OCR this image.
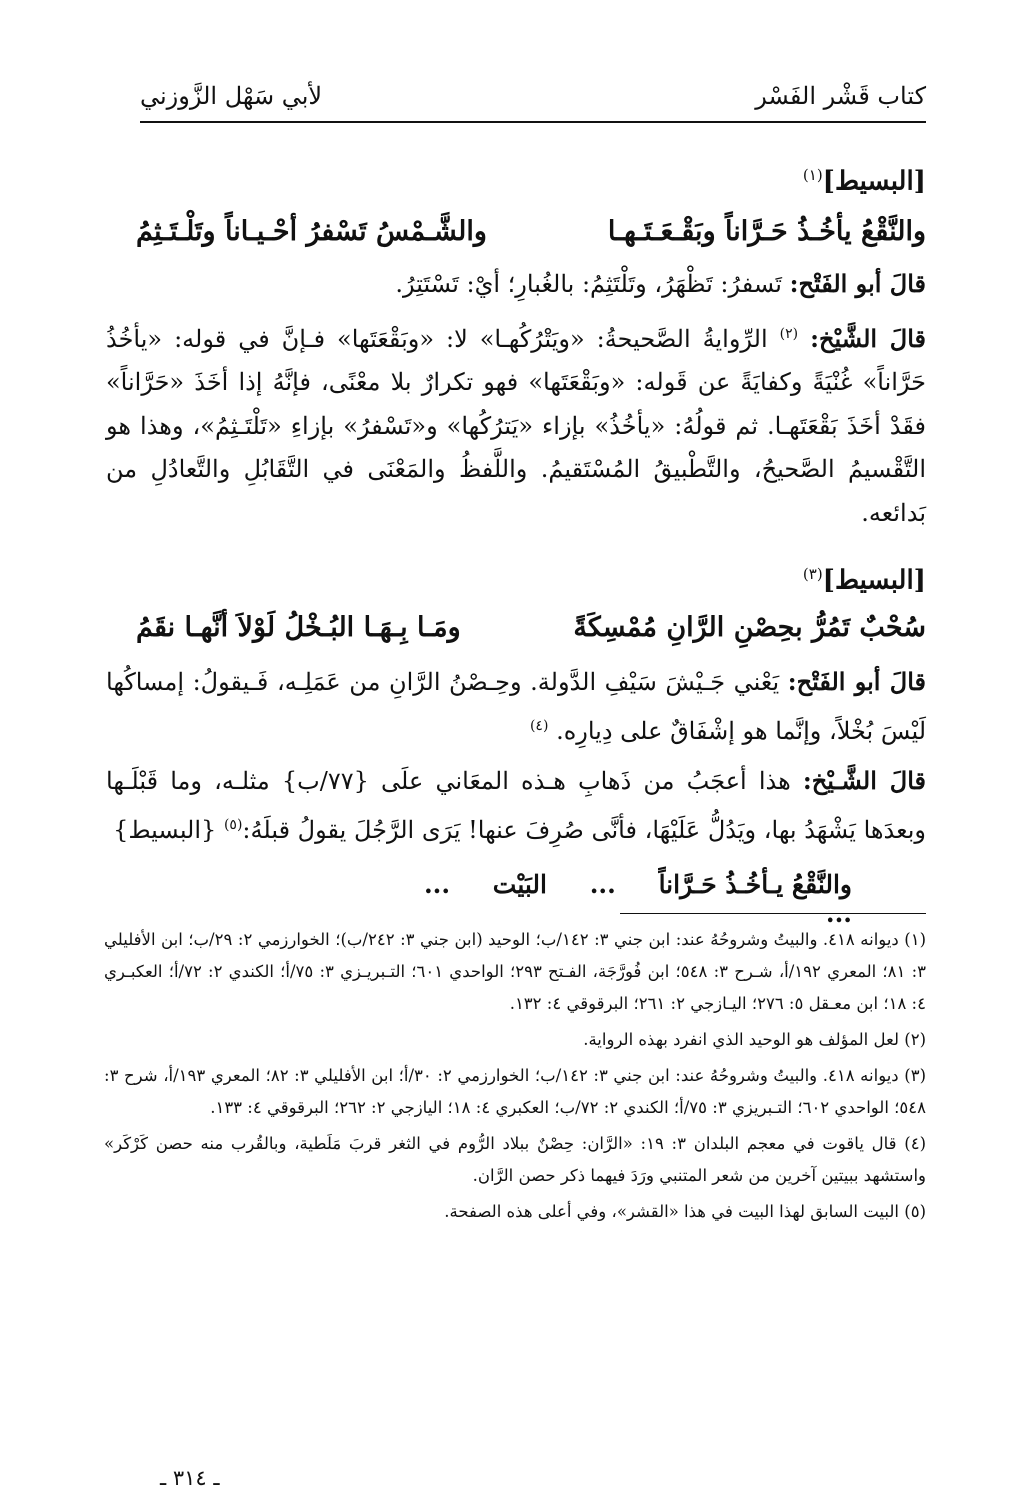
كتاب قَشْر الفَسْر
لأبي سَهْل الزَّوزني
[البسيط]$^{(١)}$
والنَّقْعُ يأخُـذُ حَـرَّاناً وبَقْـعَـتَـهـا
والشَّـمْسُ تَسْفرُ أحْـيـاناً وتَلْـتَـثِمُ

قالَ أبو الفَتْح: تَسفرُ: تَظْهَرُ، وتَلْتَثِمُ: بالغُبارِ؛ أيْ: تَسْتَتِرُ.

قالَ الشَّيْخ: $^{(٢)}$ الرِّوايةُ الصَّحيحةُ: «ويَتْرُكُهـا» لا: «وبَقْعَتَها» فـإنَّ في قوله: «يأخُذُ حَرَّاناً» غُنْيَةً وكفايَةً عن قَوله: «وبَقْعَتَها» فهو تكرارٌ بلا معْنًى، فإنَّهُ إذا أخَذَ «حَرَّاناً» فقَدْ أخَذَ بَقْعَتَهـا. ثم قولُهُ: «يأخُذُ» بإزاء «يَترُكُها» و«تَسْفرُ» بإزاءِ «تَلْتَـثِمُ»، وهذا هو التَّقْسيمُ الصَّحيحُ، والتَّطْبيقُ المُسْتَقيمُ. واللَّفظُ والمَعْنَى في التَّقَابُلِ والتَّعادُلِ من بَدائعه.

[البسيط]$^{(٣)}$
سُحْبٌ تَمُرُّ بحِصْنِ الرَّانِ مُمْسِكَةً
ومَـا بِـهَـا البُـخْلُ لَوْلاَ أنَّهـا نقَمُ

قالَ أبو الفَتْح: يَعْني جَـيْشَ سَيْفِ الدَّولة. وحِـصْنُ الرَّانِ من عَمَلِـه، فَـيقولُ: إمساكُها لَيْسَ بُخْلاً، وإنَّما هو إشْفَاقٌ على دِيارِه. $^{(٤)}$

قالَ الشَّـيْخ: هذا أعجَبُ من ذَهابِ هـذه المعَاني علَى {٧٧/ب} مثلـه، وما قَبْلَـها وبعدَها يَشْهَدُ بها، ويَدُلُّ عَلَيْهَا، فأنَّى صُرِفَ عنها! يَرَى الرَّجُلَ يقولُ قبلَهُ:$^{(٥)}$ {البسيط}

والنَّقْعُ يـأخُـذُ حَـرَّاناً ... البَيْت ... ...

(١) ديوانه ٤١٨. والبيتُ وشروحُهُ عند: ابن جني ٣: ١٤٢/ب؛ الوحيد (ابن جني ٣: ٢٤٢/ب)؛ الخوارزمي ٢: ٢٩/ب؛ ابن الأفليلي ٣: ٨١؛ المعري ١٩٢/أ، شـرح ٣: ٥٤٨؛ ابن فُورَّجَة، الفـتح ٢٩٣؛ الواحدي ٦٠١؛ التـبريـزي ٣: ٧٥/أ؛ الكندي ٢: ٧٢/أ؛ العكبـري ٤: ١٨؛ ابن معـقل ٥: ٢٧٦؛ اليـازجي ٢: ٢٦١؛ البرقوقي ٤: ١٣٢.

(٢) لعل المؤلف هو الوحيد الذي انفرد بهذه الرواية.

(٣) ديوانه ٤١٨. والبيتُ وشروحُهُ عند: ابن جني ٣: ١٤٢/ب؛ الخوارزمي ٢: ٣٠/أ؛ ابن الأفليلي ٣: ٨٢؛ المعري ١٩٣/أ، شرح ٣: ٥٤٨؛ الواحدي ٦٠٢؛ التـبريزي ٣: ٧٥/أ؛ الكندي ٢: ٧٢/ب؛ العكبري ٤: ١٨؛ اليازجي ٢: ٢٦٢؛ البرقوقي ٤: ١٣٣.

(٤) قال ياقوت في معجم البلدان ٣: ١٩: «الرَّان: حِصْنٌ ببلاد الرُّوم في الثغر قربَ مَلَطية، وبالقُرب منه حصن كَرْكَر» واستشهد ببيتين آخرين من شعر المتنبي ورَدَ فيهما ذكر حصن الرَّان.

(٥) البيت السابق لهذا البيت في هذا «القشر»، وفي أعلى هذه الصفحة.

ـ ٣١٤ ـ
